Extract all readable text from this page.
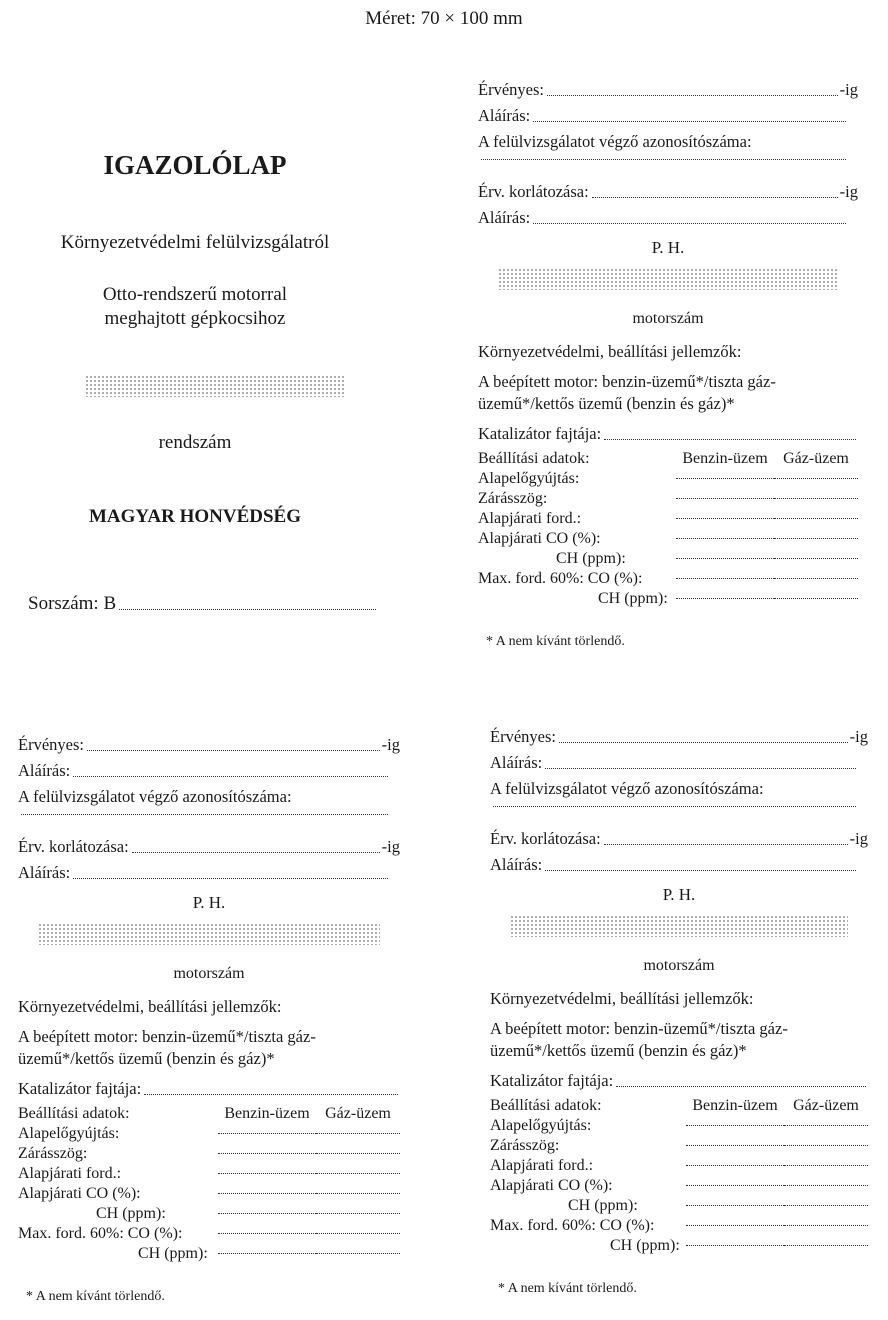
Méret: 70 × 100 mm
IGAZOLÓLAP
Környezetvédelmi felülvizsgálatról
Otto-rendszerű motorral
meghajtott gépkocsihoz
rendszám
MAGYAR HONVÉDSÉG
Sorszám: B
Érvényes:	-ig
Aláírás:
A felülvizsgálatot végző azonosítószáma:
Érv. korlátozása:	-ig
Aláírás:
P. H.
motorszám
Környezetvédelmi, beállítási jellemzők:
A beépített motor: benzin-üzemű*/tiszta gáz-
üzemű*/kettős üzemű (benzin és gáz)*
Katalizátor fajtája:
Beállítási adatok:	Benzin-üzem	Gáz-üzem
Alapelőgyújtás:		
Zárásszög:		
Alapjárati ford.:		
Alapjárati CO (%):		
CH (ppm):		
Max. ford. 60%: CO (%):		
CH (ppm):		
* A nem kívánt törlendő.
Érvényes:	-ig
Aláírás:
A felülvizsgálatot végző azonosítószáma:
Érv. korlátozása:	-ig
Aláírás:
P. H.
motorszám
Környezetvédelmi, beállítási jellemzők:
A beépített motor: benzin-üzemű*/tiszta gáz-
üzemű*/kettős üzemű (benzin és gáz)*
Katalizátor fajtája:
Beállítási adatok:	Benzin-üzem	Gáz-üzem
Alapelőgyújtás:		
Zárásszög:		
Alapjárati ford.:		
Alapjárati CO (%):		
CH (ppm):		
Max. ford. 60%: CO (%):		
CH (ppm):		
* A nem kívánt törlendő.
Érvényes:	-ig
Aláírás:
A felülvizsgálatot végző azonosítószáma:
Érv. korlátozása:	-ig
Aláírás:
P. H.
motorszám
Környezetvédelmi, beállítási jellemzők:
A beépített motor: benzin-üzemű*/tiszta gáz-
üzemű*/kettős üzemű (benzin és gáz)*
Katalizátor fajtája:
Beállítási adatok:	Benzin-üzem	Gáz-üzem
Alapelőgyújtás:		
Zárásszög:		
Alapjárati ford.:		
Alapjárati CO (%):		
CH (ppm):		
Max. ford. 60%: CO (%):		
CH (ppm):		
* A nem kívánt törlendő.
